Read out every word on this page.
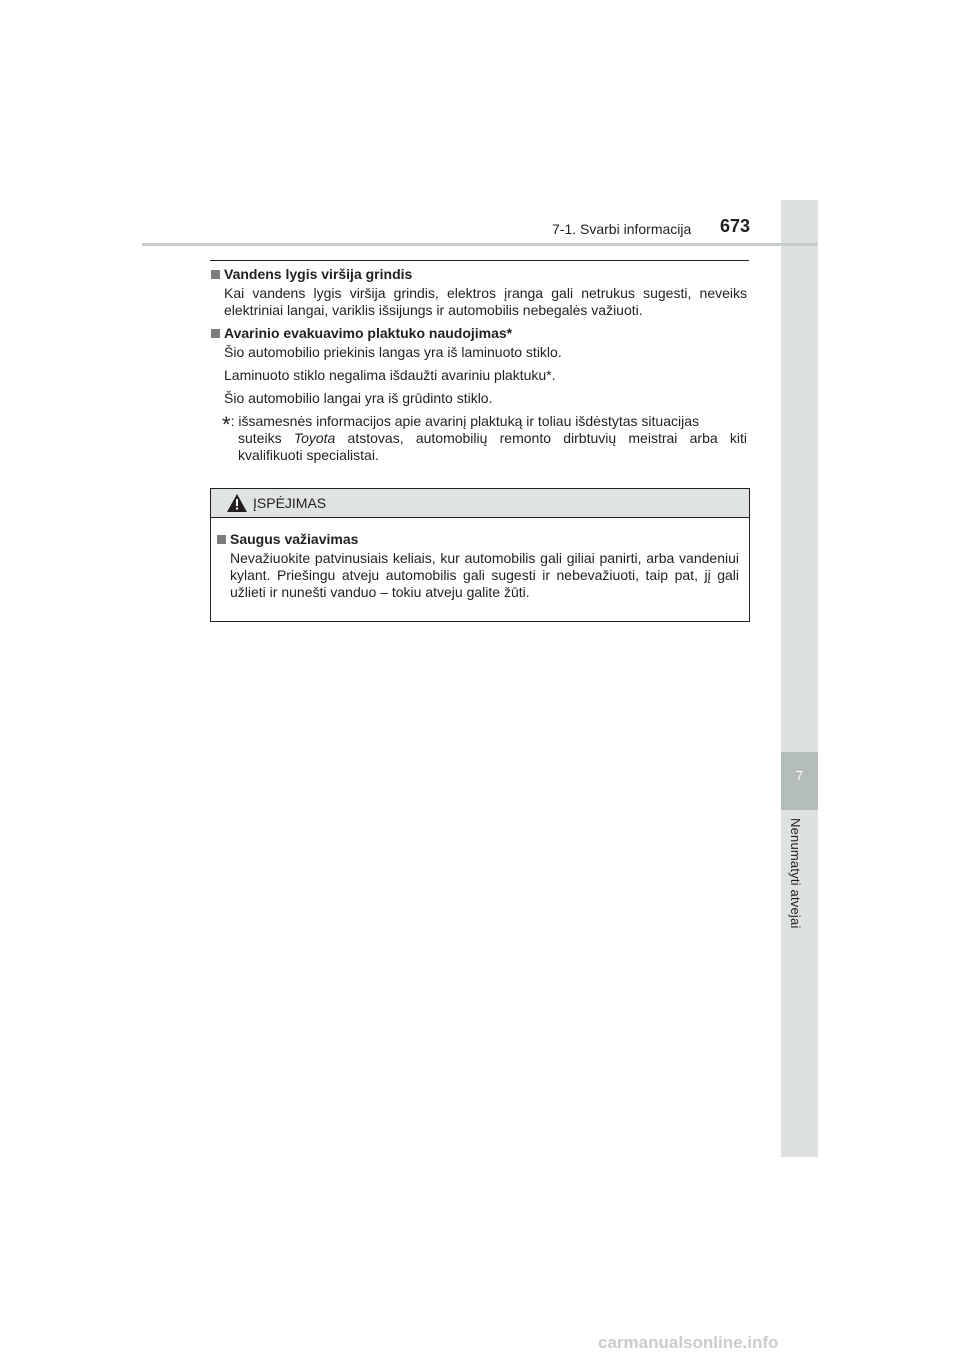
7
Nenumatyti atvejai
7-1. Svarbi informacija 673
Vandens lygis viršija grindis

Kai vandens lygis viršija grindis, elektros įranga gali netrukus sugesti, neveiks elektriniai langai, variklis išsijungs ir automobilis nebegalės važiuoti.

Avarinio evakuavimo plaktuko naudojimas*

Šio automobilio priekinis langas yra iš laminuoto stiklo.

Laminuoto stiklo negalima išdaužti avariniu plaktuku*.

Šio automobilio langai yra iš grūdinto stiklo.

*: išsamesnės informacijos apie avarinį plaktuką ir toliau išdėstytas situacijas
suteiks Toyota atstovas, automobilių remonto dirbtuvių meistrai arba kiti kvalifikuoti specialistai.
ĮSPĖJIMAS
Saugus važiavimas

Nevažiuokite patvinusiais keliais, kur automobilis gali giliai panirti, arba vandeniui kylant. Priešingu atveju automobilis gali sugesti ir nebevažiuoti, taip pat, jį gali užlieti ir nunešti vanduo – tokiu atveju galite žūti.

carmanualsonline.info
